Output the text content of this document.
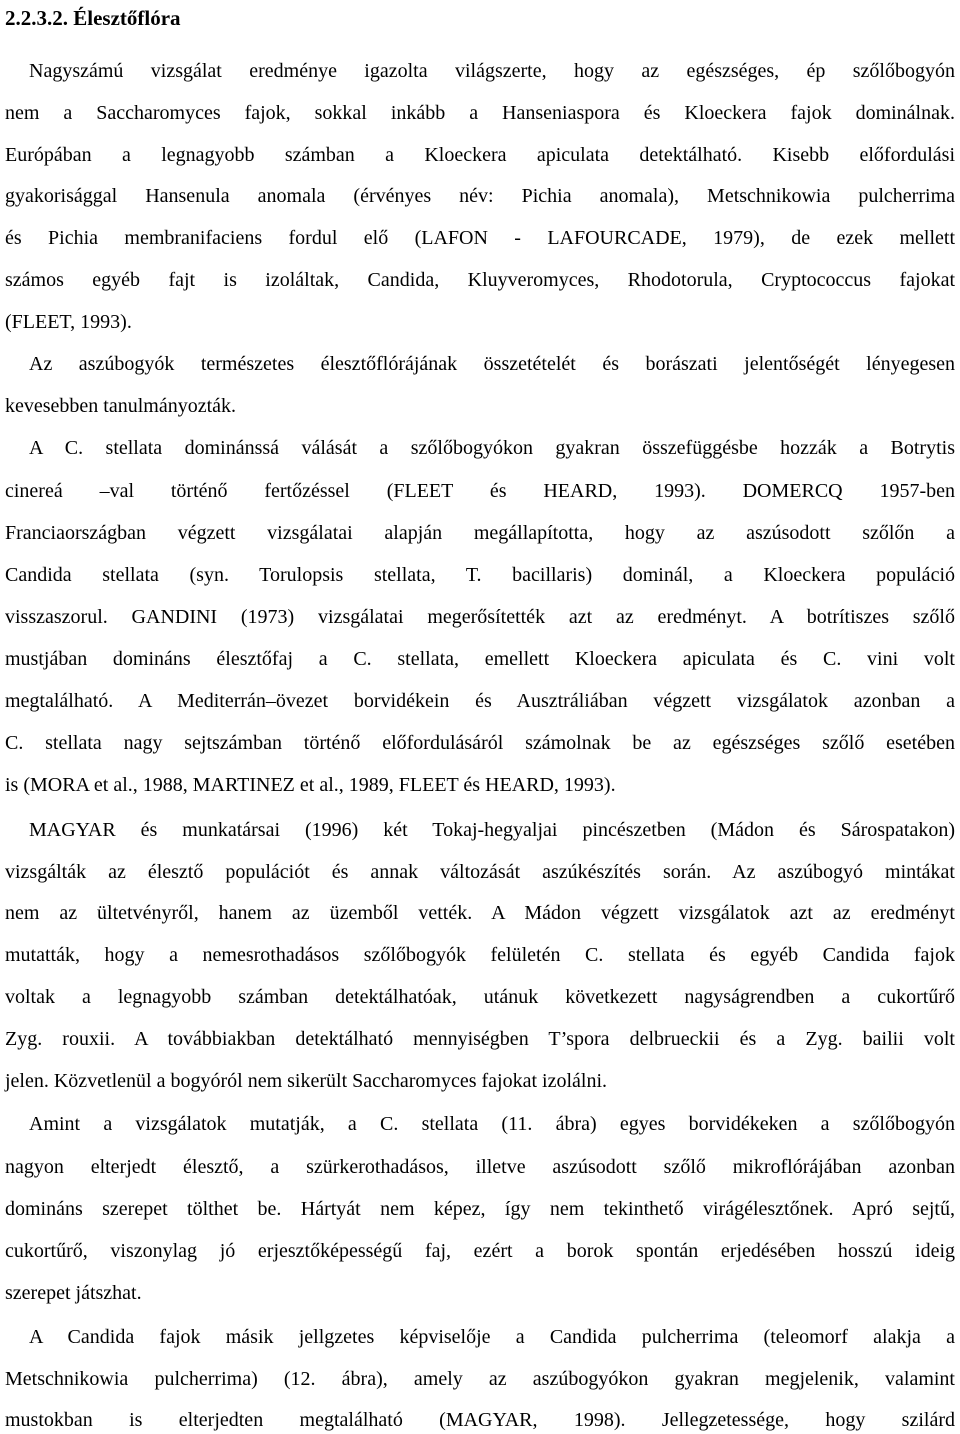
2.2.3.2. Élesztőflóra
Nagyszámú vizsgálat eredménye igazolta világszerte, hogy az egészséges, ép szőlőbogyón
nem a Saccharomyces fajok, sokkal inkább a Hanseniaspora és Kloeckera fajok dominálnak.
Európában a legnagyobb számban a Kloeckera apiculata detektálható. Kisebb előfordulási
gyakorisággal Hansenula anomala (érvényes név: Pichia anomala), Metschnikowia pulcherrima
és Pichia membranifaciens fordul elő (LAFON - LAFOURCADE, 1979), de ezek mellett
számos egyéb fajt is izoláltak, Candida, Kluyveromyces, Rhodotorula, Cryptococcus fajokat
(FLEET, 1993).
Az aszúbogyók természetes élesztőflórájának összetételét és borászati jelentőségét lényegesen
kevesebben tanulmányozták.
A C. stellata dominánssá válását a szőlőbogyókon gyakran összefüggésbe hozzák a Botrytis
cinereá –val történő fertőzéssel (FLEET és HEARD, 1993). DOMERCQ 1957-ben
Franciaországban végzett vizsgálatai alapján megállapította, hogy az aszúsodott szőlőn a
Candida stellata (syn. Torulopsis stellata, T. bacillaris) dominál, a Kloeckera populáció
visszaszorul. GANDINI (1973) vizsgálatai megerősítették azt az eredményt. A botrítiszes szőlő
mustjában domináns élesztőfaj a C. stellata, emellett Kloeckera apiculata és C. vini volt
megtalálható. A Mediterrán–övezet borvidékein és Ausztráliában végzett vizsgálatok azonban a
C. stellata nagy sejtszámban történő előfordulásáról számolnak be az egészséges szőlő esetében
is (MORA et al., 1988, MARTINEZ et al., 1989, FLEET és HEARD, 1993).
MAGYAR és munkatársai (1996) két Tokaj-hegyaljai pincészetben (Mádon és Sárospatakon)
vizsgálták az élesztő populációt és annak változását aszúkészítés során. Az aszúbogyó mintákat
nem az ültetvényről, hanem az üzemből vették. A Mádon végzett vizsgálatok azt az eredményt
mutatták, hogy a nemesrothadásos szőlőbogyók felületén C. stellata és egyéb Candida fajok
voltak a legnagyobb számban detektálhatóak, utánuk következett nagyságrendben a cukortűrő
Zyg. rouxii. A továbbiakban detektálható mennyiségben T’spora delbrueckii és a Zyg. bailii volt
jelen. Közvetlenül a bogyóról nem sikerült Saccharomyces fajokat izolálni.
Amint a vizsgálatok mutatják, a C. stellata (11. ábra) egyes borvidékeken a szőlőbogyón
nagyon elterjedt élesztő, a szürkerothadásos, illetve aszúsodott szőlő mikroflórájában azonban
domináns szerepet tölthet be. Hártyát nem képez, így nem tekinthető virágélesztőnek. Apró sejtű,
cukortűrő, viszonylag jó erjesztőképességű faj, ezért a borok spontán erjedésében hosszú ideig
szerepet játszhat.
A Candida fajok másik jellgzetes képviselője a Candida pulcherrima (teleomorf alakja a
Metschnikowia pulcherrima) (12. ábra), amely az aszúbogyókon gyakran megjelenik, valamint
mustokban is elterjedten megtalálható (MAGYAR, 1998). Jellegzetessége, hogy szilárd
